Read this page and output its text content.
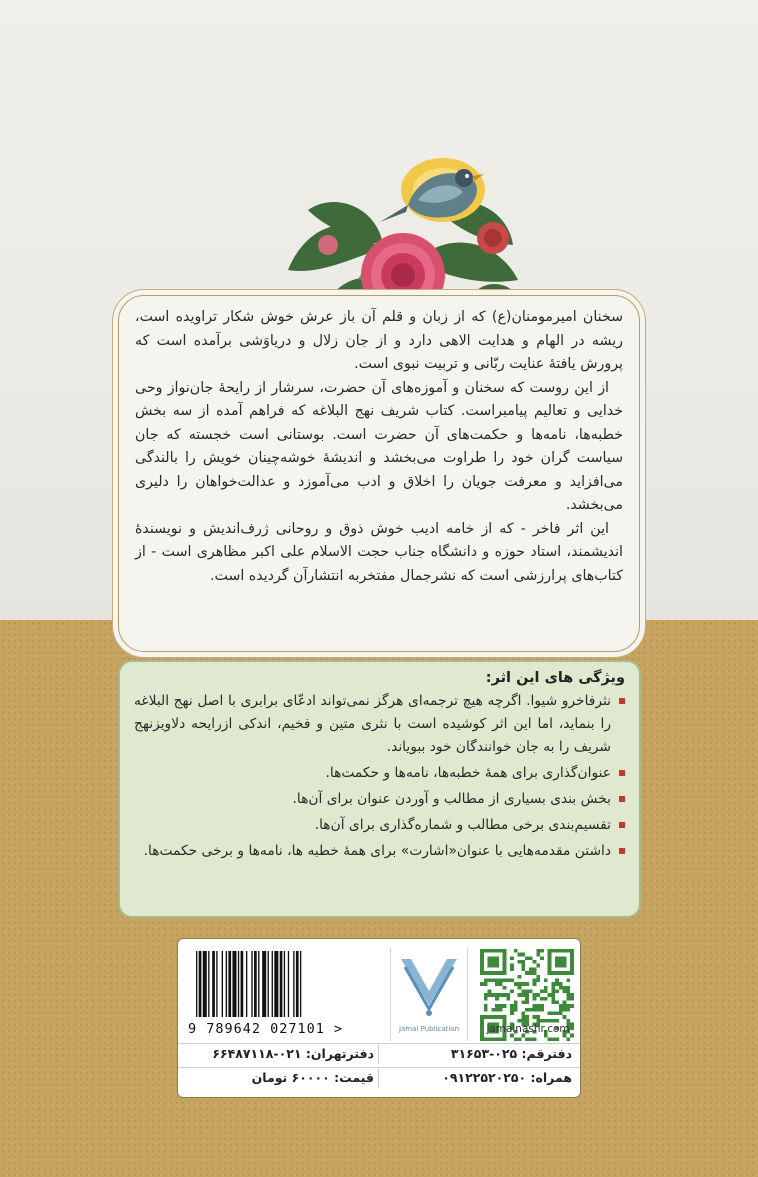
سخنان امیرمومنان(ع) که از زبان و قلم آن باز عرش خوش شکار تراویده است، ریشه در الهام و هدایت الاهی دارد و از جان زلال و دریاوَشی برآمده است که پرورش یافتهٔ عنایت ربّانی و تربیت نبوی است.

از این روست که سخنان و آموزه‌های آن حضرت، سرشار از رایحهٔ جان‌نواز وحی خدایی و تعالیم پیامبراست. کتاب شریف نهج البلاغه که فراهم آمده از سه بخش خطبه‌ها، نامه‌ها و حکمت‌های آن حضرت است. بوستانی است خجسته که جان سیاست گران خود را طراوت می‌بخشد و اندیشهٔ خوشه‌چینان خویش را بالندگی می‌افزاید و معرفت جویان را اخلاق و ادب می‌آموزد و عدالت‌خواهان را دلیری می‌بخشد.

این اثر فاخر - که از خامه ادیب خوش ذوق و روحانی ژرف‌اندیش و نویسندهٔ اندیشمند، استاد حوزه و دانشگاه جناب حجت الاسلام علی اکبر مظاهری است - از کتاب‌های پرارزشی است که نشرجمال مفتخربه انتشارآن گردیده است.

ویژگی های این اثر:
نثرفاخرو شیوا. اگرچه هیچ ترجمه‌ای هرگز نمی‌تواند ادعّای برابری با اصل نهج البلاغه را بنماید، اما این اثر کوشیده است با نثری متین و فخیم، اندکی ازرایحه دلاویزنهج شریف را به جان خوانندگان خود ببویاند.
عنوان‌گذاری برای همهٔ خطبه‌ها، نامه‌ها و حکمت‌ها.
بخش بندی بسیاری از مطالب و آوردن عنوان برای آن‌ها.
تقسیم‌بندی برخی مطالب و شماره‌گذاری برای آن‌ها.
داشتن مقدمه‌هایی با عنوان«اشارت» برای همهٔ خطبه ها، نامه‌ها و برخی حکمت‌ها.
9 789642 027101 >	Jamal Publication	jamalnashr.com
دفترقم: ۰۲۵-۳۱۶۵۳
دفترتهران: ۰۲۱-۶۶۴۸۷۱۱۸
همراه: ۰۹۱۲۲۵۲۰۲۵۰
قیمت: ۶۰۰۰۰ تومان
